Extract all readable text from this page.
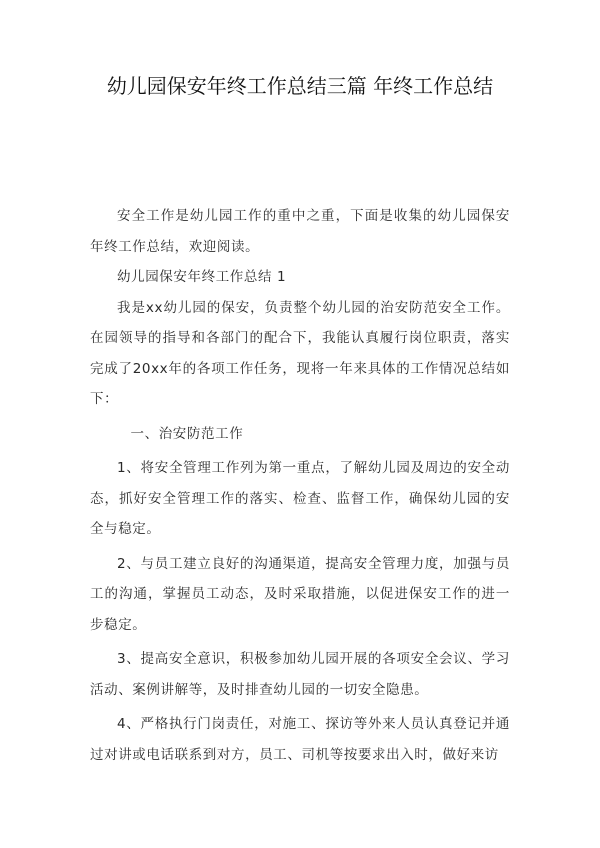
幼儿园保安年终工作总结三篇 年终工作总结

安全工作是幼儿园工作的重中之重，下面是收集的幼儿园保安年终工作总结，欢迎阅读。

幼儿园保安年终工作总结 1

我是xx幼儿园的保安，负责整个幼儿园的治安防范安全工作。在园领导的指导和各部门的配合下，我能认真履行岗位职责，落实完成了20xx年的各项工作任务，现将一年来具体的工作情况总结如下：

一、治安防范工作

1、将安全管理工作列为第一重点，了解幼儿园及周边的安全动态，抓好安全管理工作的落实、检查、监督工作，确保幼儿园的安全与稳定。

2、与员工建立良好的沟通渠道，提高安全管理力度，加强与员工的沟通，掌握员工动态，及时采取措施，以促进保安工作的进一步稳定。

3、提高安全意识，积极参加幼儿园开展的各项安全会议、学习活动、案例讲解等，及时排查幼儿园的一切安全隐患。

4、严格执行门岗责任，对施工、探访等外来人员认真登记并通过对讲或电话联系到对方，员工、司机等按要求出入时，做好来访
